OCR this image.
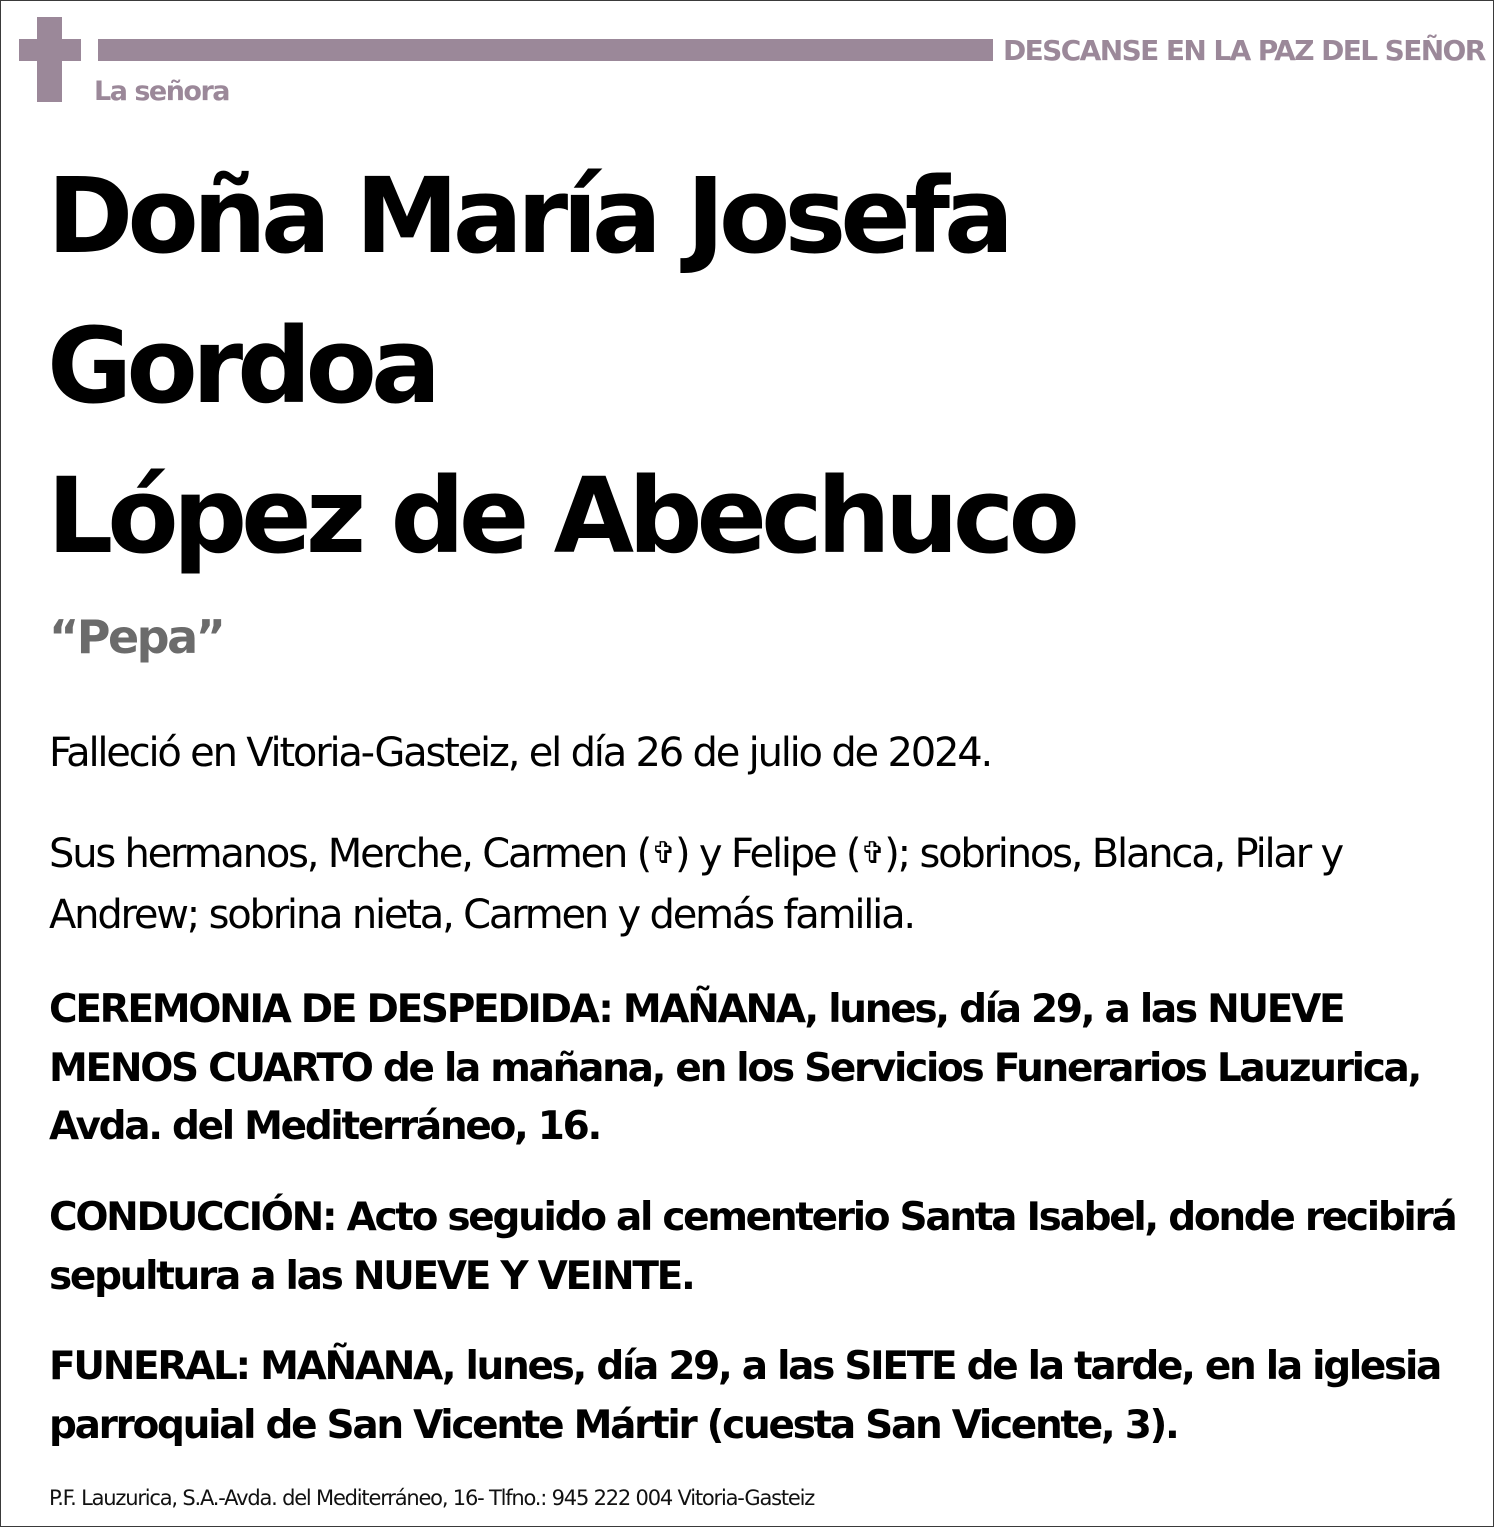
DESCANSE EN LA PAZ DEL SEÑOR
La señora
Doña María Josefa
Gordoa
López de Abechuco
“Pepa”
Falleció en Vitoria-Gasteiz, el día 26 de julio de 2024.
Sus hermanos, Merche, Carmen (✞) y Felipe (✞); sobrinos, Blanca, Pilar y Andrew; sobrina nieta, Carmen y demás familia.
CEREMONIA DE DESPEDIDA: MAÑANA, lunes, día 29, a las NUEVE MENOS CUARTO de la mañana, en los Servicios Funerarios Lauzurica, Avda. del Mediterráneo, 16.
CONDUCCIÓN: Acto seguido al cementerio Santa Isabel, donde recibirá sepultura a las NUEVE Y VEINTE.
FUNERAL: MAÑANA, lunes, día 29, a las SIETE de la tarde, en la iglesia parroquial de San Vicente Mártir (cuesta San Vicente, 3).
P.F. Lauzurica, S.A.-Avda. del Mediterráneo, 16- Tlfno.: 945 222 004 Vitoria-Gasteiz
